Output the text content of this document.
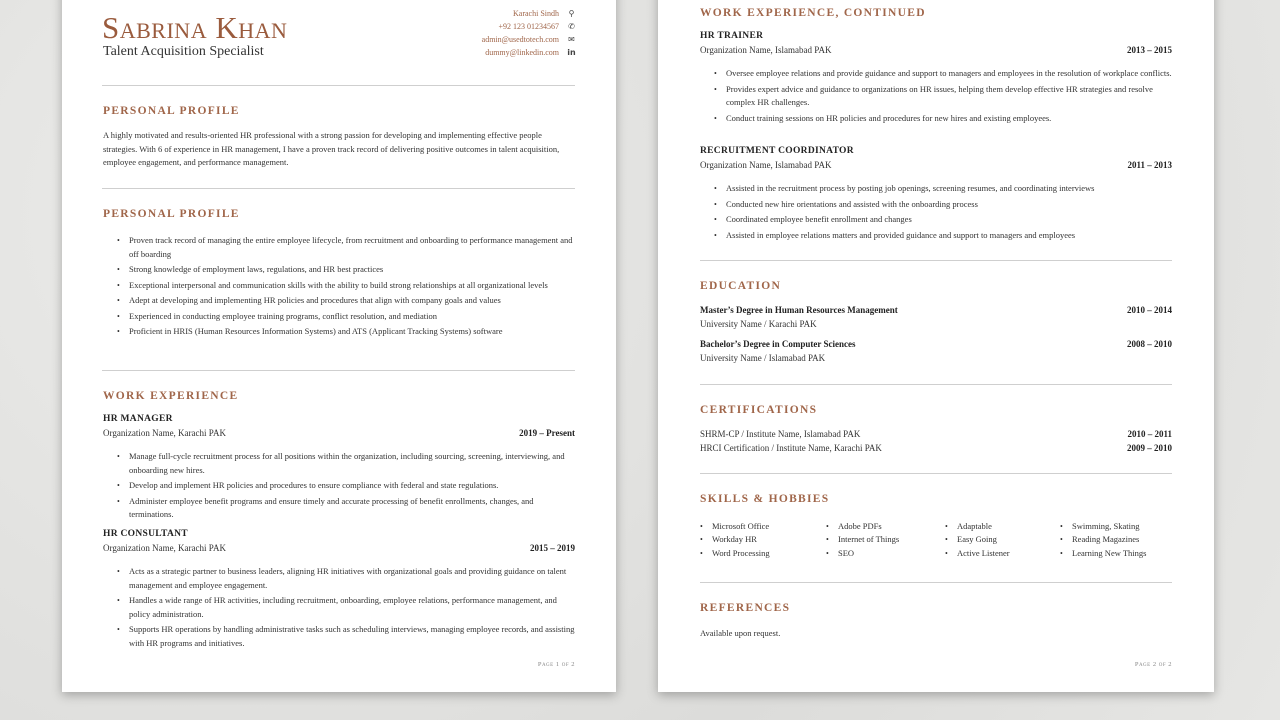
Sabrina Khan
Talent Acquisition Specialist
Karachi Sindh ⚲
+92 123 01234567 ✆
admin@usedtotech.com ✉
dummy@linkedin.com in
PERSONAL PROFILE
A highly motivated and results-oriented HR professional with a strong passion for developing and implementing effective people strategies. With 6 of experience in HR management, I have a proven track record of delivering positive outcomes in talent acquisition, employee engagement, and performance management.
PERSONAL PROFILE
• Proven track record of managing the entire employee lifecycle, from recruitment and onboarding to performance management and off boarding
• Strong knowledge of employment laws, regulations, and HR best practices
• Exceptional interpersonal and communication skills with the ability to build strong relationships at all organizational levels
• Adept at developing and implementing HR policies and procedures that align with company goals and values
• Experienced in conducting employee training programs, conflict resolution, and mediation
• Proficient in HRIS (Human Resources Information Systems) and ATS (Applicant Tracking Systems) software
WORK EXPERIENCE
HR MANAGER
Organization Name, Karachi PAK	2019 – Present
• Manage full-cycle recruitment process for all positions within the organization, including sourcing, screening, interviewing, and onboarding new hires.
• Develop and implement HR policies and procedures to ensure compliance with federal and state regulations.
• Administer employee benefit programs and ensure timely and accurate processing of benefit enrollments, changes, and terminations.
HR CONSULTANT
Organization Name, Karachi PAK	2015 – 2019
• Acts as a strategic partner to business leaders, aligning HR initiatives with organizational goals and providing guidance on talent management and employee engagement.
• Handles a wide range of HR activities, including recruitment, onboarding, employee relations, performance management, and policy administration.
• Supports HR operations by handling administrative tasks such as scheduling interviews, managing employee records, and assisting with HR programs and initiatives.
Page 1 of 2
WORK EXPERIENCE, CONTINUED
HR TRAINER
Organization Name, Islamabad PAK	2013 – 2015
• Oversee employee relations and provide guidance and support to managers and employees in the resolution of workplace conflicts.
• Provides expert advice and guidance to organizations on HR issues, helping them develop effective HR strategies and resolve complex HR challenges.
• Conduct training sessions on HR policies and procedures for new hires and existing employees.
RECRUITMENT COORDINATOR
Organization Name, Islamabad PAK	2011 – 2013
• Assisted in the recruitment process by posting job openings, screening resumes, and coordinating interviews
• Conducted new hire orientations and assisted with the onboarding process
• Coordinated employee benefit enrollment and changes
• Assisted in employee relations matters and provided guidance and support to managers and employees
EDUCATION
Master’s Degree in Human Resources Management	2010 – 2014
University Name / Karachi PAK
Bachelor’s Degree in Computer Sciences	2008 – 2010
University Name / Islamabad PAK
CERTIFICATIONS
SHRM-CP / Institute Name, Islamabad PAK	2010 – 2011
HRCI Certification / Institute Name, Karachi PAK	2009 – 2010
SKILLS & HOBBIES
• Microsoft Office
• Workday HR
• Word Processing
• Adobe PDFs
• Internet of Things
• SEO
• Adaptable
• Easy Going
• Active Listener
• Swimming, Skating
• Reading Magazines
• Learning New Things
REFERENCES
Available upon request.
Page 2 of 2
